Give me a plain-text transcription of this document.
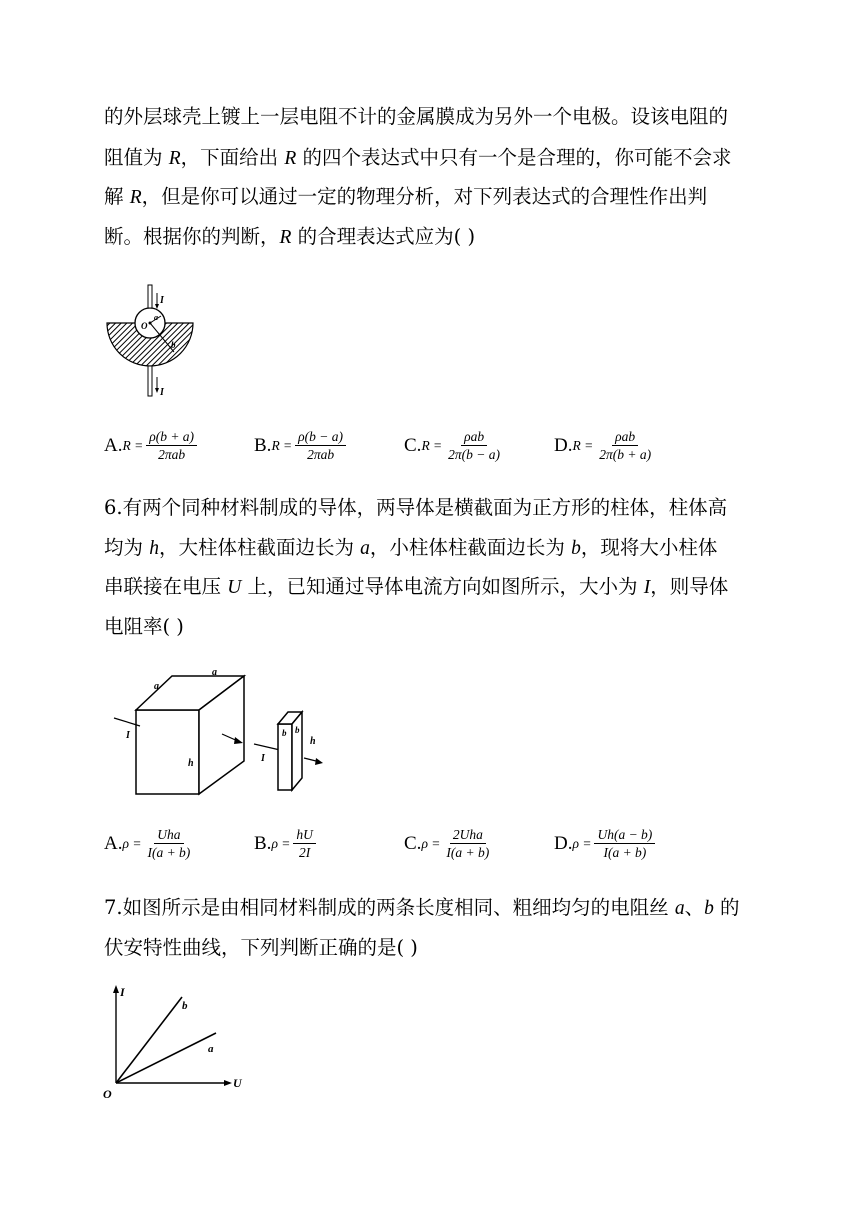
的外层球壳上镀上一层电阻不计的金属膜成为另外一个电极。设该电阻的
阻值为 R，下面给出 R 的四个表达式中只有一个是合理的，你可能不会求
解 R，但是你可以通过一定的物理分析，对下列表达式的合理性作出判
断。根据你的判断，R 的合理表达式应为( )
I
I
O
a
b
A. $R = \frac{\rho(b + a)}{\text{2πab}}$	B. $R = \frac{\rho(b - a)}{\text{2πab}}$	C. $R = \frac{\text{ρab}}{2\pi(b - a)}$	D. $R = \frac{\text{ρab}}{2\pi(b + a)}$
6.有两个同种材料制成的导体，两导体是横截面为正方形的柱体，柱体高
均为 h，大柱体柱截面边长为 a，小柱体柱截面边长为 b，现将大小柱体
串联接在电压 U 上，已知通过导体电流方向如图所示，大小为 I，则导体
电阻率( )
a
a
h
I
I
b b
h
A. $\rho = \frac{\text{Uha}}{I(a + b)}$	B. $\rho = \frac{hU}{2I}$	C. $\rho = \frac{\text{2Uha}}{I(a + b)}$	D. $\rho = \frac{Uh(a - b)}{I(a + b)}$
7.如图所示是由相同材料制成的两条长度相同、粗细均匀的电阻丝 a、b 的
伏安特性曲线，下列判断正确的是( )
I
U
O
b
a
